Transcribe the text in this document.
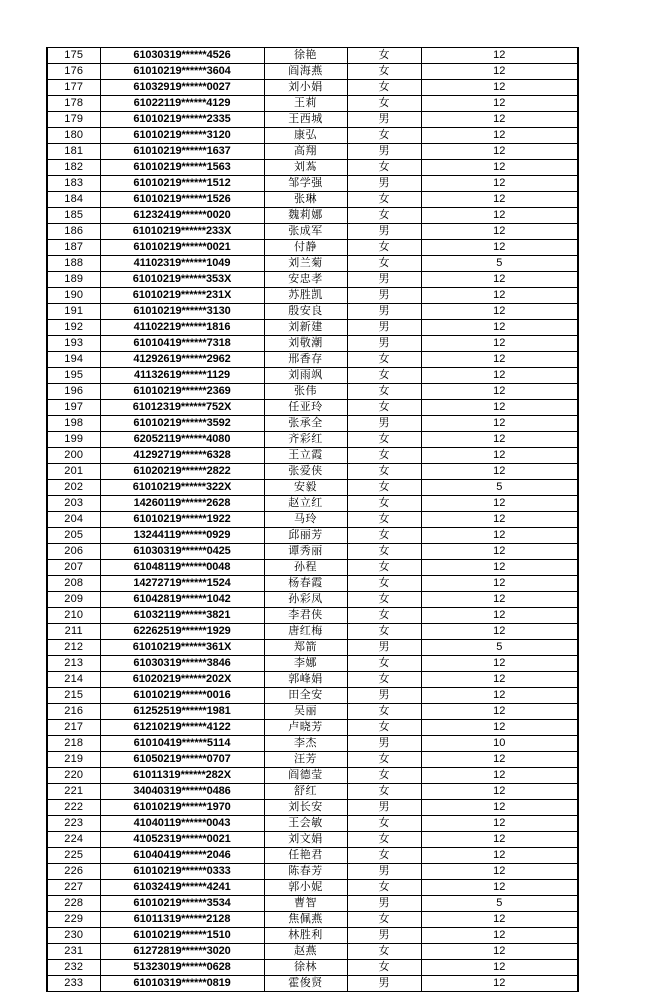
175	61030319******4526	徐艳	女	12
176	61010219******3604	阎海燕	女	12
177	61032919******0027	刘小娟	女	12
178	61022119******4129	王莉	女	12
179	61010219******2335	王西城	男	12
180	61010219******3120	康弘	女	12
181	61010219******1637	高翔	男	12
182	61010219******1563	刘蒍	女	12
183	61010219******1512	邹学强	男	12
184	61010219******1526	张琳	女	12
185	61232419******0020	魏莉娜	女	12
186	61010219******233X	张成军	男	12
187	61010219******0021	付静	女	12
188	41102319******1049	刘兰菊	女	5
189	61010219******353X	安忠孝	男	12
190	61010219******231X	苏胜凯	男	12
191	61010219******3130	殷安良	男	12
192	41102219******1816	刘新建	男	12
193	61010419******7318	刘敬潮	男	12
194	41292619******2962	邢香存	女	12
195	41132619******1129	刘雨飒	女	12
196	61010219******2369	张伟	女	12
197	61012319******752X	任亚玲	女	12
198	61010219******3592	张承全	男	12
199	62052119******4080	齐彩红	女	12
200	41292719******6328	王立霞	女	12
201	61020219******2822	张爱侠	女	12
202	61010219******322X	安毅	女	5
203	14260119******2628	赵立红	女	12
204	61010219******1922	马玲	女	12
205	13244119******0929	邱丽芳	女	12
206	61030319******0425	谭秀丽	女	12
207	61048119******0048	孙程	女	12
208	14272719******1524	杨春霞	女	12
209	61042819******1042	孙彩凤	女	12
210	61032119******3821	李君侠	女	12
211	62262519******1929	唐红梅	女	12
212	61010219******361X	郑箭	男	5
213	61030319******3846	李娜	女	12
214	61020219******202X	郭峰娟	女	12
215	61010219******0016	田全安	男	12
216	61252519******1981	吴丽	女	12
217	61210219******4122	卢晓芳	女	12
218	61010419******5114	李杰	男	10
219	61050219******0707	汪芳	女	12
220	61011319******282X	阎德莹	女	12
221	34040319******0486	舒红	女	12
222	61010219******1970	刘长安	男	12
223	41040119******0043	王会敏	女	12
224	41052319******0021	刘文娟	女	12
225	61040419******2046	任艳君	女	12
226	61010219******0333	陈春芳	男	12
227	61032419******4241	郭小妮	女	12
228	61010219******3534	曹智	男	5
229	61011319******2128	焦佩燕	女	12
230	61010219******1510	林胜利	男	12
231	61272819******3020	赵燕	女	12
232	51323019******0628	徐林	女	12
233	61010319******0819	霍俊贤	男	12
